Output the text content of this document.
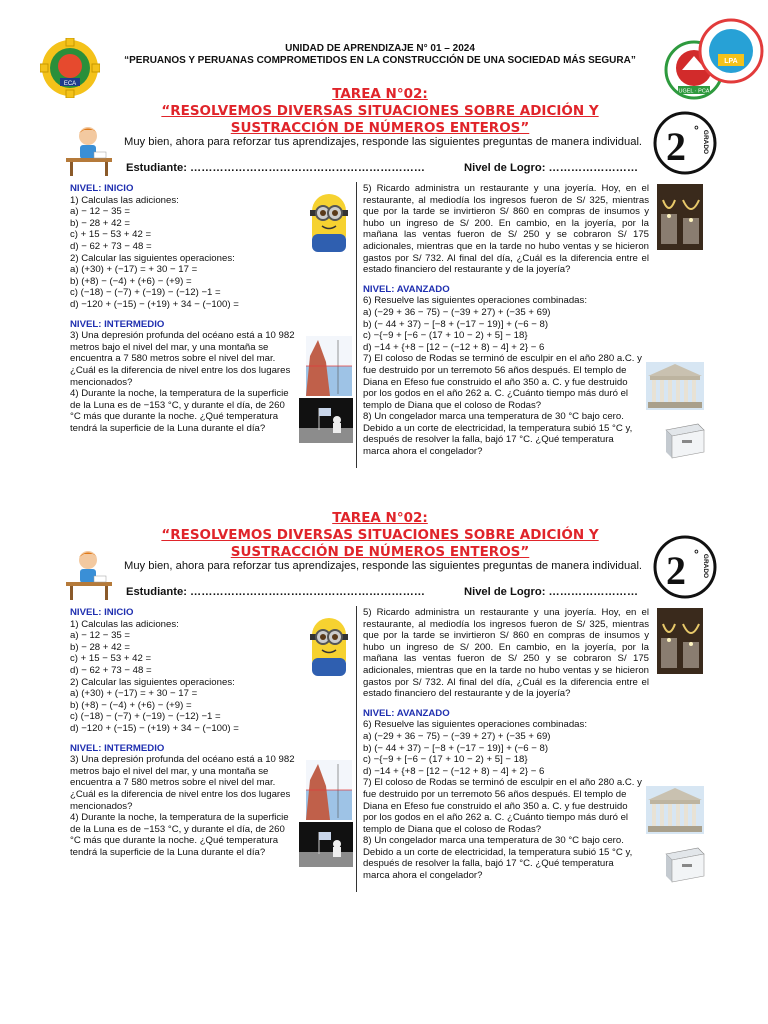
ECA
UNIDAD DE APRENDIZAJE N° 01 – 2024
“PERUANOS Y PERUANAS COMPROMETIDOS EN LA CONSTRUCCIÓN DE UNA SOCIEDAD MÁS SEGURA”
UGEL · PCA
LPA
TAREA N°02:
“RESOLVEMOS DIVERSAS SITUACIONES SOBRE ADICIÓN Y
SUSTRACCIÓN DE NÚMEROS ENTEROS”	2 ° GRADO
Muy bien, ahora para reforzar tus aprendizajes, responde las siguientes preguntas de manera individual.
Estudiante: ………………………………………………………	Nivel de Logro: ……………………
NIVEL: INICIO
1) Calculas las adiciones:
a) − 12 − 35 =
b) − 28 + 42 =
c) + 15 − 53 + 42 =
d) − 62 + 73 − 48 =
2) Calcular las siguientes operaciones:
a) (+30) + (−17) = + 30 − 17 =
b) (+8) − (−4) + (+6) − (+9) =
c) (−18) − (−7) + (−19) − (−12) −1 =
d) −120 + (−15) − (+19) + 34 − (−100) =
NIVEL: INTERMEDIO
3) Una depresión profunda del océano está a 10 982 metros bajo el nivel del mar, y una montaña se encuentra a 7 580 metros sobre el nivel del mar. ¿Cuál es la diferencia de nivel entre los dos lugares mencionados?
4) Durante la noche, la temperatura de la superficie de la Luna es de −153 °C, y durante el día, de 260 °C más que durante la noche. ¿Qué temperatura tendrá la superficie de la Luna durante el día?
5) Ricardo administra un restaurante y una joyería. Hoy, en el restaurante, al mediodía los ingresos fueron de S/ 325, mientras que por la tarde se invirtieron S/ 860 en compras de insumos y hubo un ingreso de S/ 200. En cambio, en la joyería, por la mañana las ventas fueron de S/ 250 y se cobraron S/ 175 adicionales, mientras que en la tarde no hubo ventas y se hicieron gastos por S/ 732. Al final del día, ¿Cuál es la diferencia entre el estado financiero del restaurante y de la joyería?
NIVEL: AVANZADO
6) Resuelve las siguientes operaciones combinadas:
a) (−29 + 36 − 75) − (−39 + 27) + (−35 + 69)
b) (− 44 + 37) − [−8 + (−17 − 19)] + (−6 − 8)
c) −{−9 + [−6 − (17 + 10 − 2) + 5] − 18}
d) −14 + {+8 − [12 − (−12 + 8) − 4] + 2} − 6
7) El coloso de Rodas se terminó de esculpir en el año 280 a.C. y fue destruido por un terremoto 56 años después. El templo de Diana en Efeso fue construido el año 350 a. C. y fue destruido por los godos en el año 262 a. C. ¿Cuánto tiempo más duró el templo de Diana que el coloso de Rodas?
8) Un congelador marca una temperatura de 30 °C bajo cero. Debido a un corte de electricidad, la temperatura subió 15 °C y, después de resolver la falla, bajó 17 °C. ¿Qué temperatura marca ahora el congelador?
TAREA N°02:
“RESOLVEMOS DIVERSAS SITUACIONES SOBRE ADICIÓN Y
SUSTRACCIÓN DE NÚMEROS ENTEROS”	2 ° GRADO
Muy bien, ahora para reforzar tus aprendizajes, responde las siguientes preguntas de manera individual.
Estudiante: ………………………………………………………	Nivel de Logro: ……………………
NIVEL: INICIO
1) Calculas las adiciones:
a) − 12 − 35 =
b) − 28 + 42 =
c) + 15 − 53 + 42 =
d) − 62 + 73 − 48 =
2) Calcular las siguientes operaciones:
a) (+30) + (−17) = + 30 − 17 =
b) (+8) − (−4) + (+6) − (+9) =
c) (−18) − (−7) + (−19) − (−12) −1 =
d) −120 + (−15) − (+19) + 34 − (−100) =
NIVEL: INTERMEDIO
3) Una depresión profunda del océano está a 10 982 metros bajo el nivel del mar, y una montaña se encuentra a 7 580 metros sobre el nivel del mar. ¿Cuál es la diferencia de nivel entre los dos lugares mencionados?
4) Durante la noche, la temperatura de la superficie de la Luna es de −153 °C, y durante el día, de 260 °C más que durante la noche. ¿Qué temperatura tendrá la superficie de la Luna durante el día?
5) Ricardo administra un restaurante y una joyería. Hoy, en el restaurante, al mediodía los ingresos fueron de S/ 325, mientras que por la tarde se invirtieron S/ 860 en compras de insumos y hubo un ingreso de S/ 200. En cambio, en la joyería, por la mañana las ventas fueron de S/ 250 y se cobraron S/ 175 adicionales, mientras que en la tarde no hubo ventas y se hicieron gastos por S/ 732. Al final del día, ¿Cuál es la diferencia entre el estado financiero del restaurante y de la joyería?
NIVEL: AVANZADO
6) Resuelve las siguientes operaciones combinadas:
a) (−29 + 36 − 75) − (−39 + 27) + (−35 + 69)
b) (− 44 + 37) − [−8 + (−17 − 19)] + (−6 − 8)
c) −{−9 + [−6 − (17 + 10 − 2) + 5] − 18}
d) −14 + {+8 − [12 − (−12 + 8) − 4] + 2} − 6
7) El coloso de Rodas se terminó de esculpir en el año 280 a.C. y fue destruido por un terremoto 56 años después. El templo de Diana en Efeso fue construido el año 350 a. C. y fue destruido por los godos en el año 262 a. C. ¿Cuánto tiempo más duró el templo de Diana que el coloso de Rodas?
8) Un congelador marca una temperatura de 30 °C bajo cero. Debido a un corte de electricidad, la temperatura subió 15 °C y, después de resolver la falla, bajó 17 °C. ¿Qué temperatura marca ahora el congelador?
